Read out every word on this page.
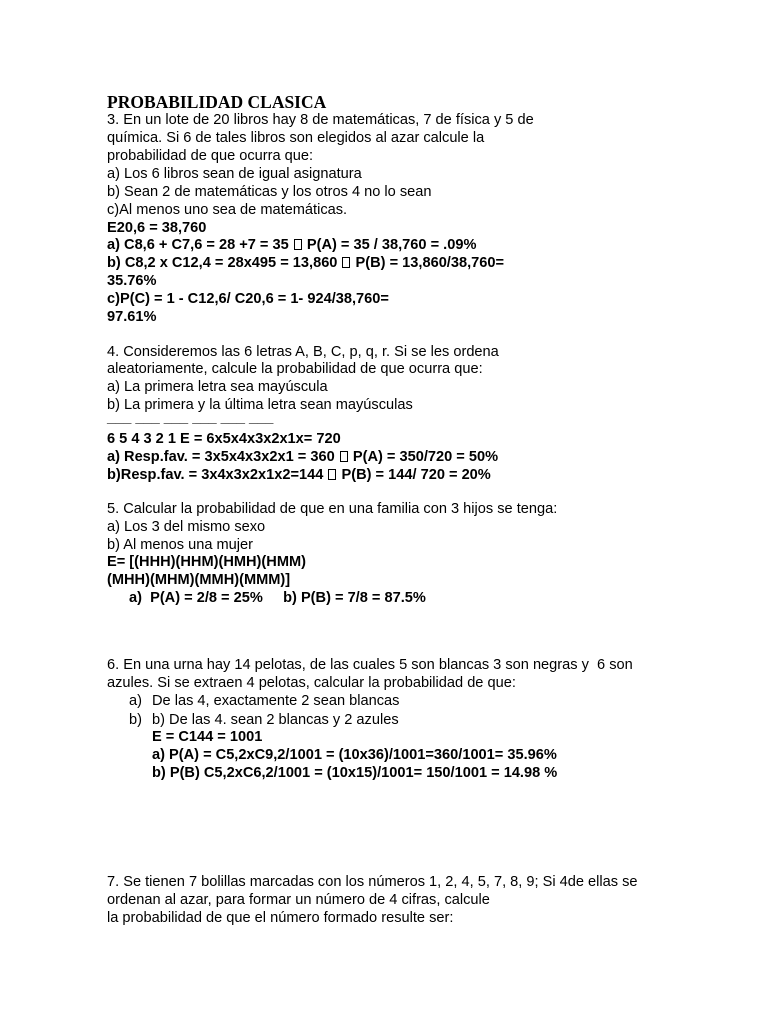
PROBABILIDAD CLASICA
3. En un lote de 20 libros hay 8 de matemáticas, 7 de física y 5 de
química. Si 6 de tales libros son elegidos al azar calcule la
probabilidad de que ocurra que:
a) Los 6 libros sean de igual asignatura
b) Sean 2 de matemáticas y los otros 4 no lo sean
c)Al menos uno sea de matemáticas.
E20,6 = 38,760
a) C8,6 + C7,6 = 28 +7 = 35 P(A) = 35 / 38,760 = .09%
b) C8,2 x C12,4 = 28x495 = 13,860 P(B) = 13,860/38,760=
35.76%
c)P(C) = 1 - C12,6/ C20,6 = 1- 924/38,760=
97.61%
4. Consideremos las 6 letras A, B, C, p, q, r. Si se les ordena
aleatoriamente, calcule la probabilidad de que ocurra que:
a) La primera letra sea mayúscula
b) La primera y la última letra sean mayúsculas
___ ___ ___ ___ ___ ___
6 5 4 3 2 1 E = 6x5x4x3x2x1x= 720
a) Resp.fav. = 3x5x4x3x2x1 = 360 P(A) = 350/720 = 50%
b)Resp.fav. = 3x4x3x2x1x2=144 P(B) = 144/ 720 = 20%
5. Calcular la probabilidad de que en una familia con 3 hijos se tenga:
a) Los 3 del mismo sexo
b) Al menos una mujer
E= [(HHH)(HHM)(HMH)(HMM)
(MHH)(MHM)(MMH)(MMM)]
a)  P(A) = 2/8 = 25%     b) P(B) = 7/8 = 87.5%
6. En una urna hay 14 pelotas, de las cuales 5 son blancas 3 son negras y  6 son
azules. Si se extraen 4 pelotas, calcular la probabilidad de que:
a) De las 4, exactamente 2 sean blancas
b) b) De las 4. sean 2 blancas y 2 azules
E = C144 = 1001
a) P(A) = C5,2xC9,2/1001 = (10x36)/1001=360/1001= 35.96%
b) P(B) C5,2xC6,2/1001 = (10x15)/1001= 150/1001 = 14.98 %
7. Se tienen 7 bolillas marcadas con los números 1, 2, 4, 5, 7, 8, 9; Si 4de ellas se
ordenan al azar, para formar un número de 4 cifras, calcule
la probabilidad de que el número formado resulte ser:
